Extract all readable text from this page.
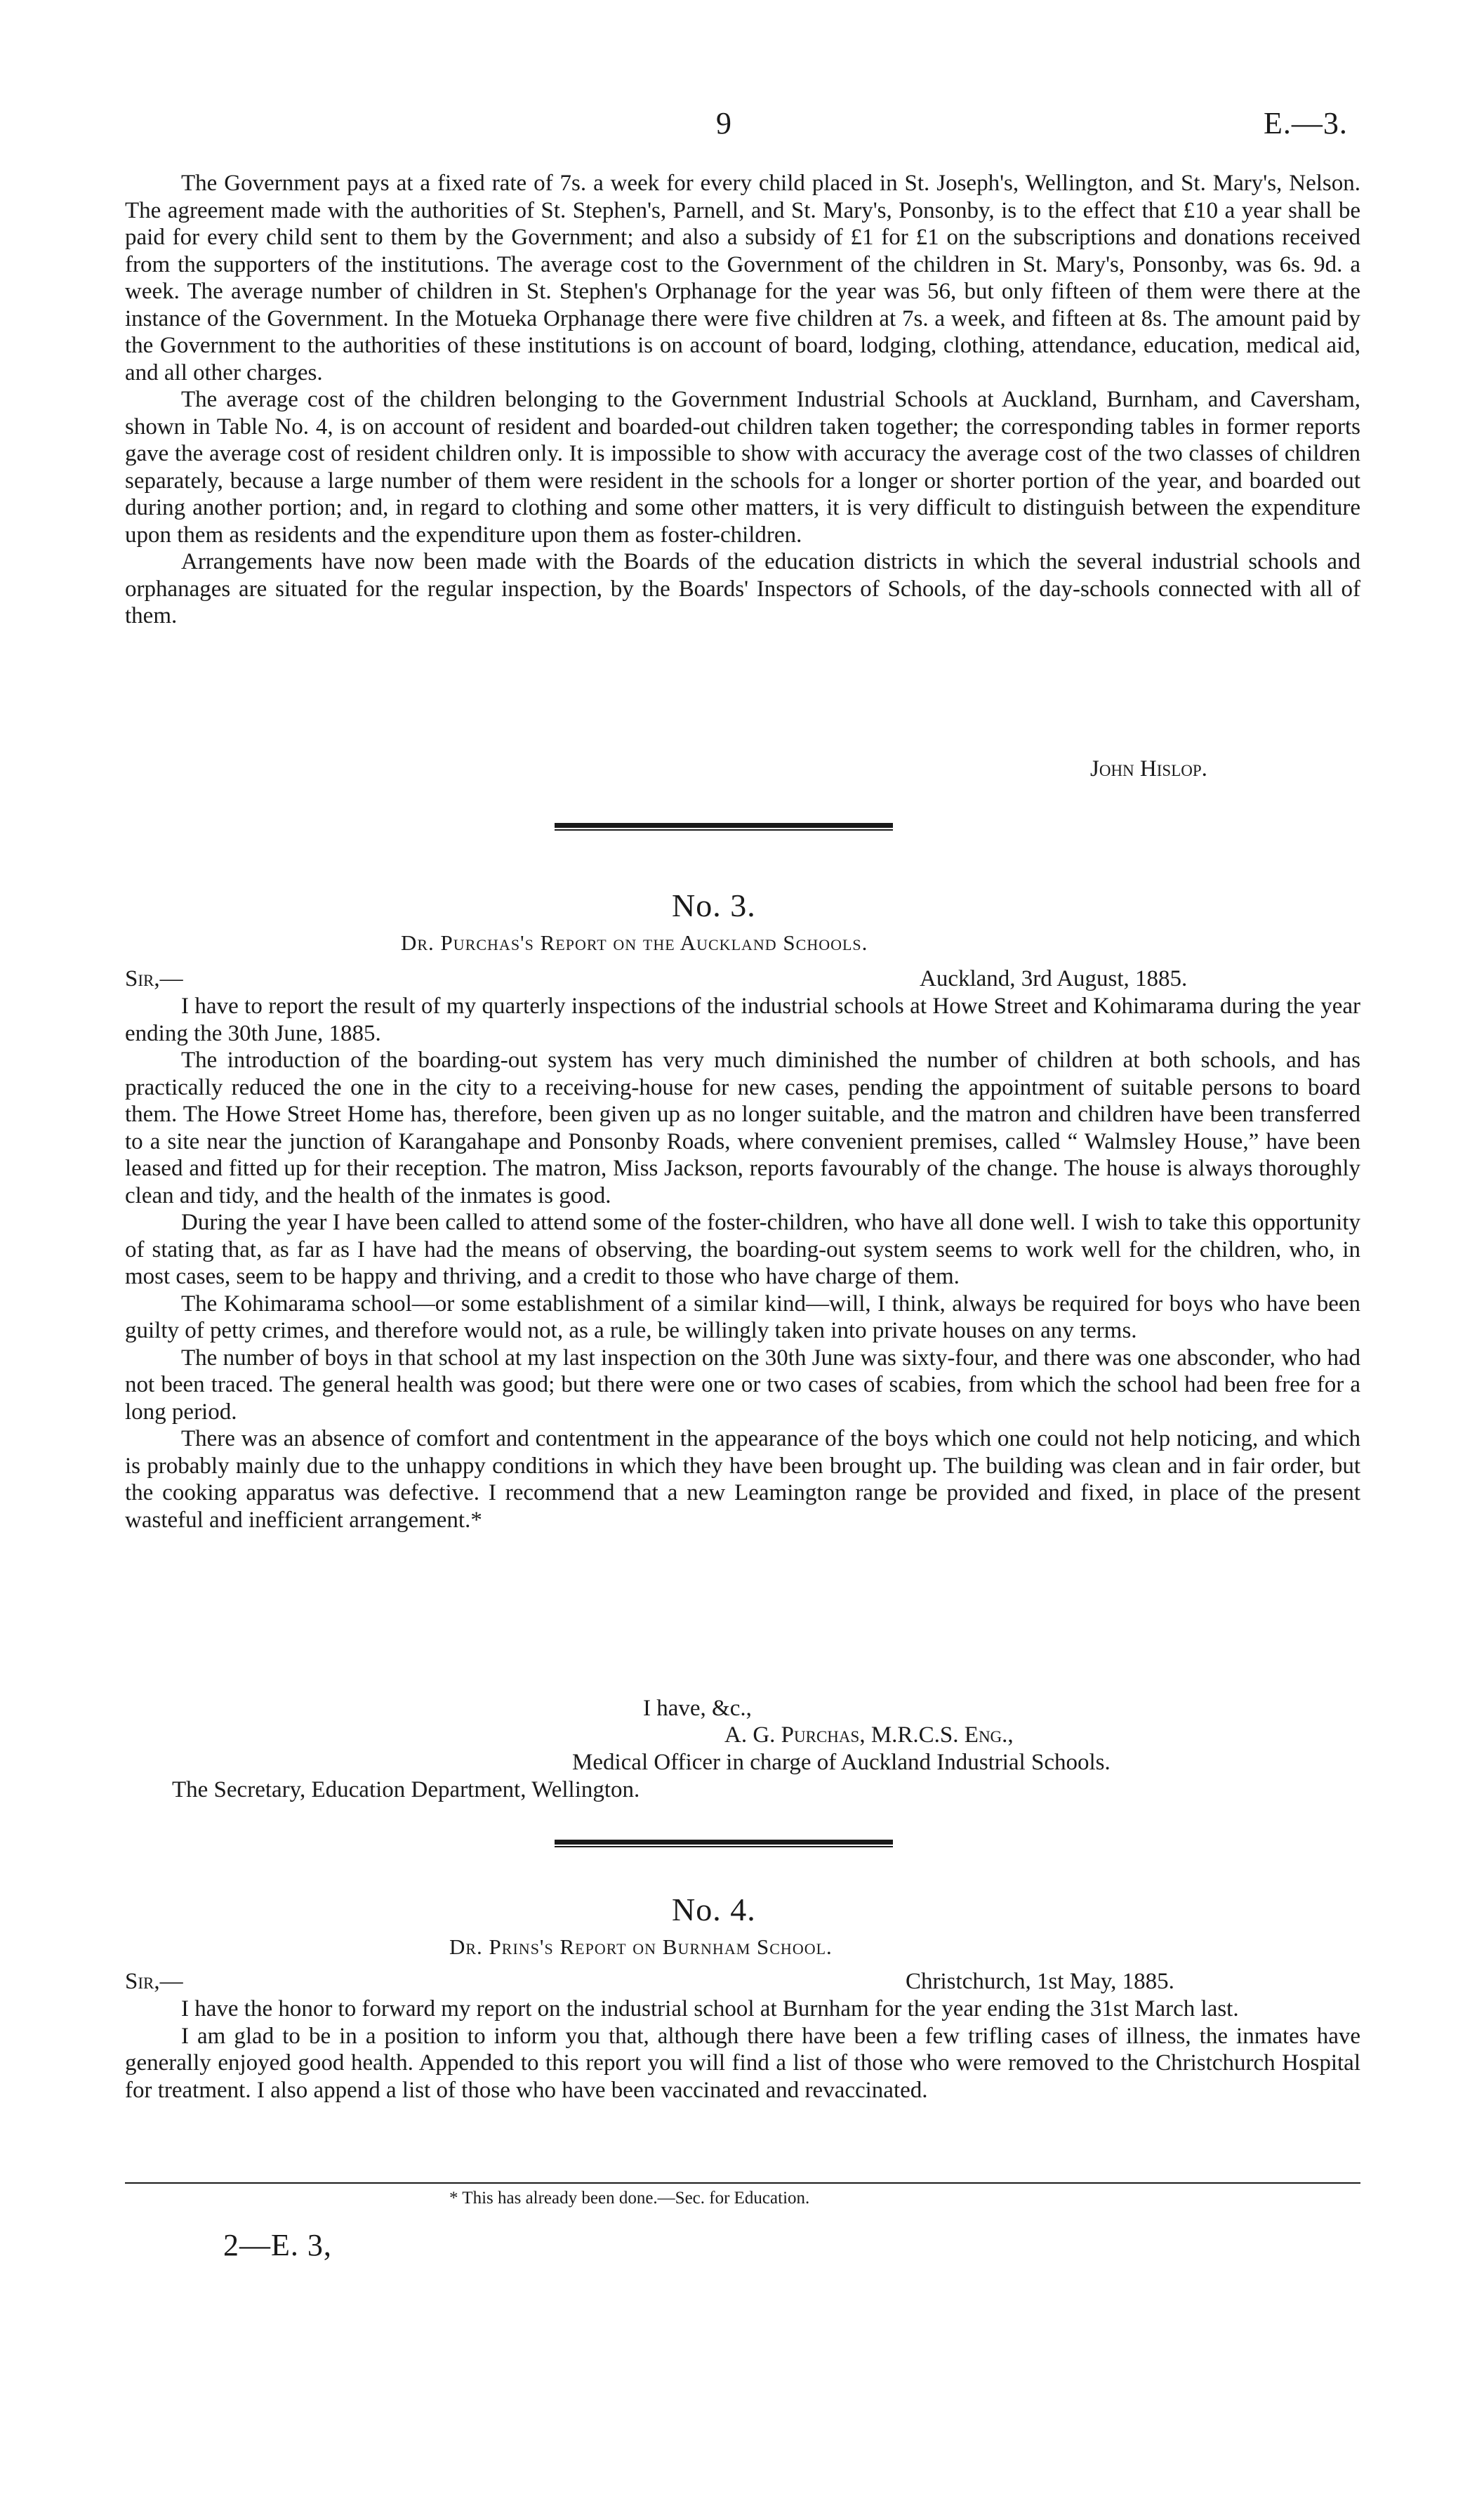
9	E.—3.

The Government pays at a fixed rate of 7s. a week for every child placed in St. Joseph's, Wellington, and St. Mary's, Nelson. The agreement made with the authorities of St. Stephen's, Parnell, and St. Mary's, Ponsonby, is to the effect that £10 a year shall be paid for every child sent to them by the Government; and also a subsidy of £1 for £1 on the subscriptions and donations received from the supporters of the institutions. The average cost to the Government of the children in St. Mary's, Ponsonby, was 6s. 9d. a week. The average number of children in St. Stephen's Orphanage for the year was 56, but only fifteen of them were there at the instance of the Government. In the Motueka Orphanage there were five children at 7s. a week, and fifteen at 8s. The amount paid by the Government to the authorities of these institutions is on account of board, lodging, clothing, attendance, education, medical aid, and all other charges.

The average cost of the children belonging to the Government Industrial Schools at Auckland, Burnham, and Caversham, shown in Table No. 4, is on account of resident and boarded-out children taken together; the corresponding tables in former reports gave the average cost of resident children only. It is impossible to show with accuracy the average cost of the two classes of children separately, because a large number of them were resident in the schools for a longer or shorter portion of the year, and boarded out during another portion; and, in regard to clothing and some other matters, it is very difficult to distinguish between the expenditure upon them as residents and the expenditure upon them as foster-children.

Arrangements have now been made with the Boards of the education districts in which the several industrial schools and orphanages are situated for the regular inspection, by the Boards' Inspectors of Schools, of the day-schools connected with all of them.

John Hislop.
No. 3.
Dr. Purchas's Report on the Auckland Schools.
Sir,—	Auckland, 3rd August, 1885.

I have to report the result of my quarterly inspections of the industrial schools at Howe Street and Kohimarama during the year ending the 30th June, 1885.

The introduction of the boarding-out system has very much diminished the number of children at both schools, and has practically reduced the one in the city to a receiving-house for new cases, pending the appointment of suitable persons to board them. The Howe Street Home has, therefore, been given up as no longer suitable, and the matron and children have been transferred to a site near the junction of Karangahape and Ponsonby Roads, where convenient premises, called “ Walmsley House,” have been leased and fitted up for their reception. The matron, Miss Jackson, reports favourably of the change. The house is always thoroughly clean and tidy, and the health of the inmates is good.

During the year I have been called to attend some of the foster-children, who have all done well. I wish to take this opportunity of stating that, as far as I have had the means of observing, the boarding-out system seems to work well for the children, who, in most cases, seem to be happy and thriving, and a credit to those who have charge of them.

The Kohimarama school—or some establishment of a similar kind—will, I think, always be required for boys who have been guilty of petty crimes, and therefore would not, as a rule, be willingly taken into private houses on any terms.

The number of boys in that school at my last inspection on the 30th June was sixty-four, and there was one absconder, who had not been traced. The general health was good; but there were one or two cases of scabies, from which the school had been free for a long period.

There was an absence of comfort and contentment in the appearance of the boys which one could not help noticing, and which is probably mainly due to the unhappy conditions in which they have been brought up. The building was clean and in fair order, but the cooking apparatus was defective. I recommend that a new Leamington range be provided and fixed, in place of the present wasteful and inefficient arrangement.*

I have, &c.,
A. G. Purchas, M.R.C.S. Eng.,
Medical Officer in charge of Auckland Industrial Schools.
The Secretary, Education Department, Wellington.
No. 4.
Dr. Prins's Report on Burnham School.
Sir,—	Christchurch, 1st May, 1885.

I have the honor to forward my report on the industrial school at Burnham for the year ending the 31st March last.

I am glad to be in a position to inform you that, although there have been a few trifling cases of illness, the inmates have generally enjoyed good health. Appended to this report you will find a list of those who were removed to the Christchurch Hospital for treatment. I also append a list of those who have been vaccinated and revaccinated.

* This has already been done.—Sec. for Education.
2—E. 3,
